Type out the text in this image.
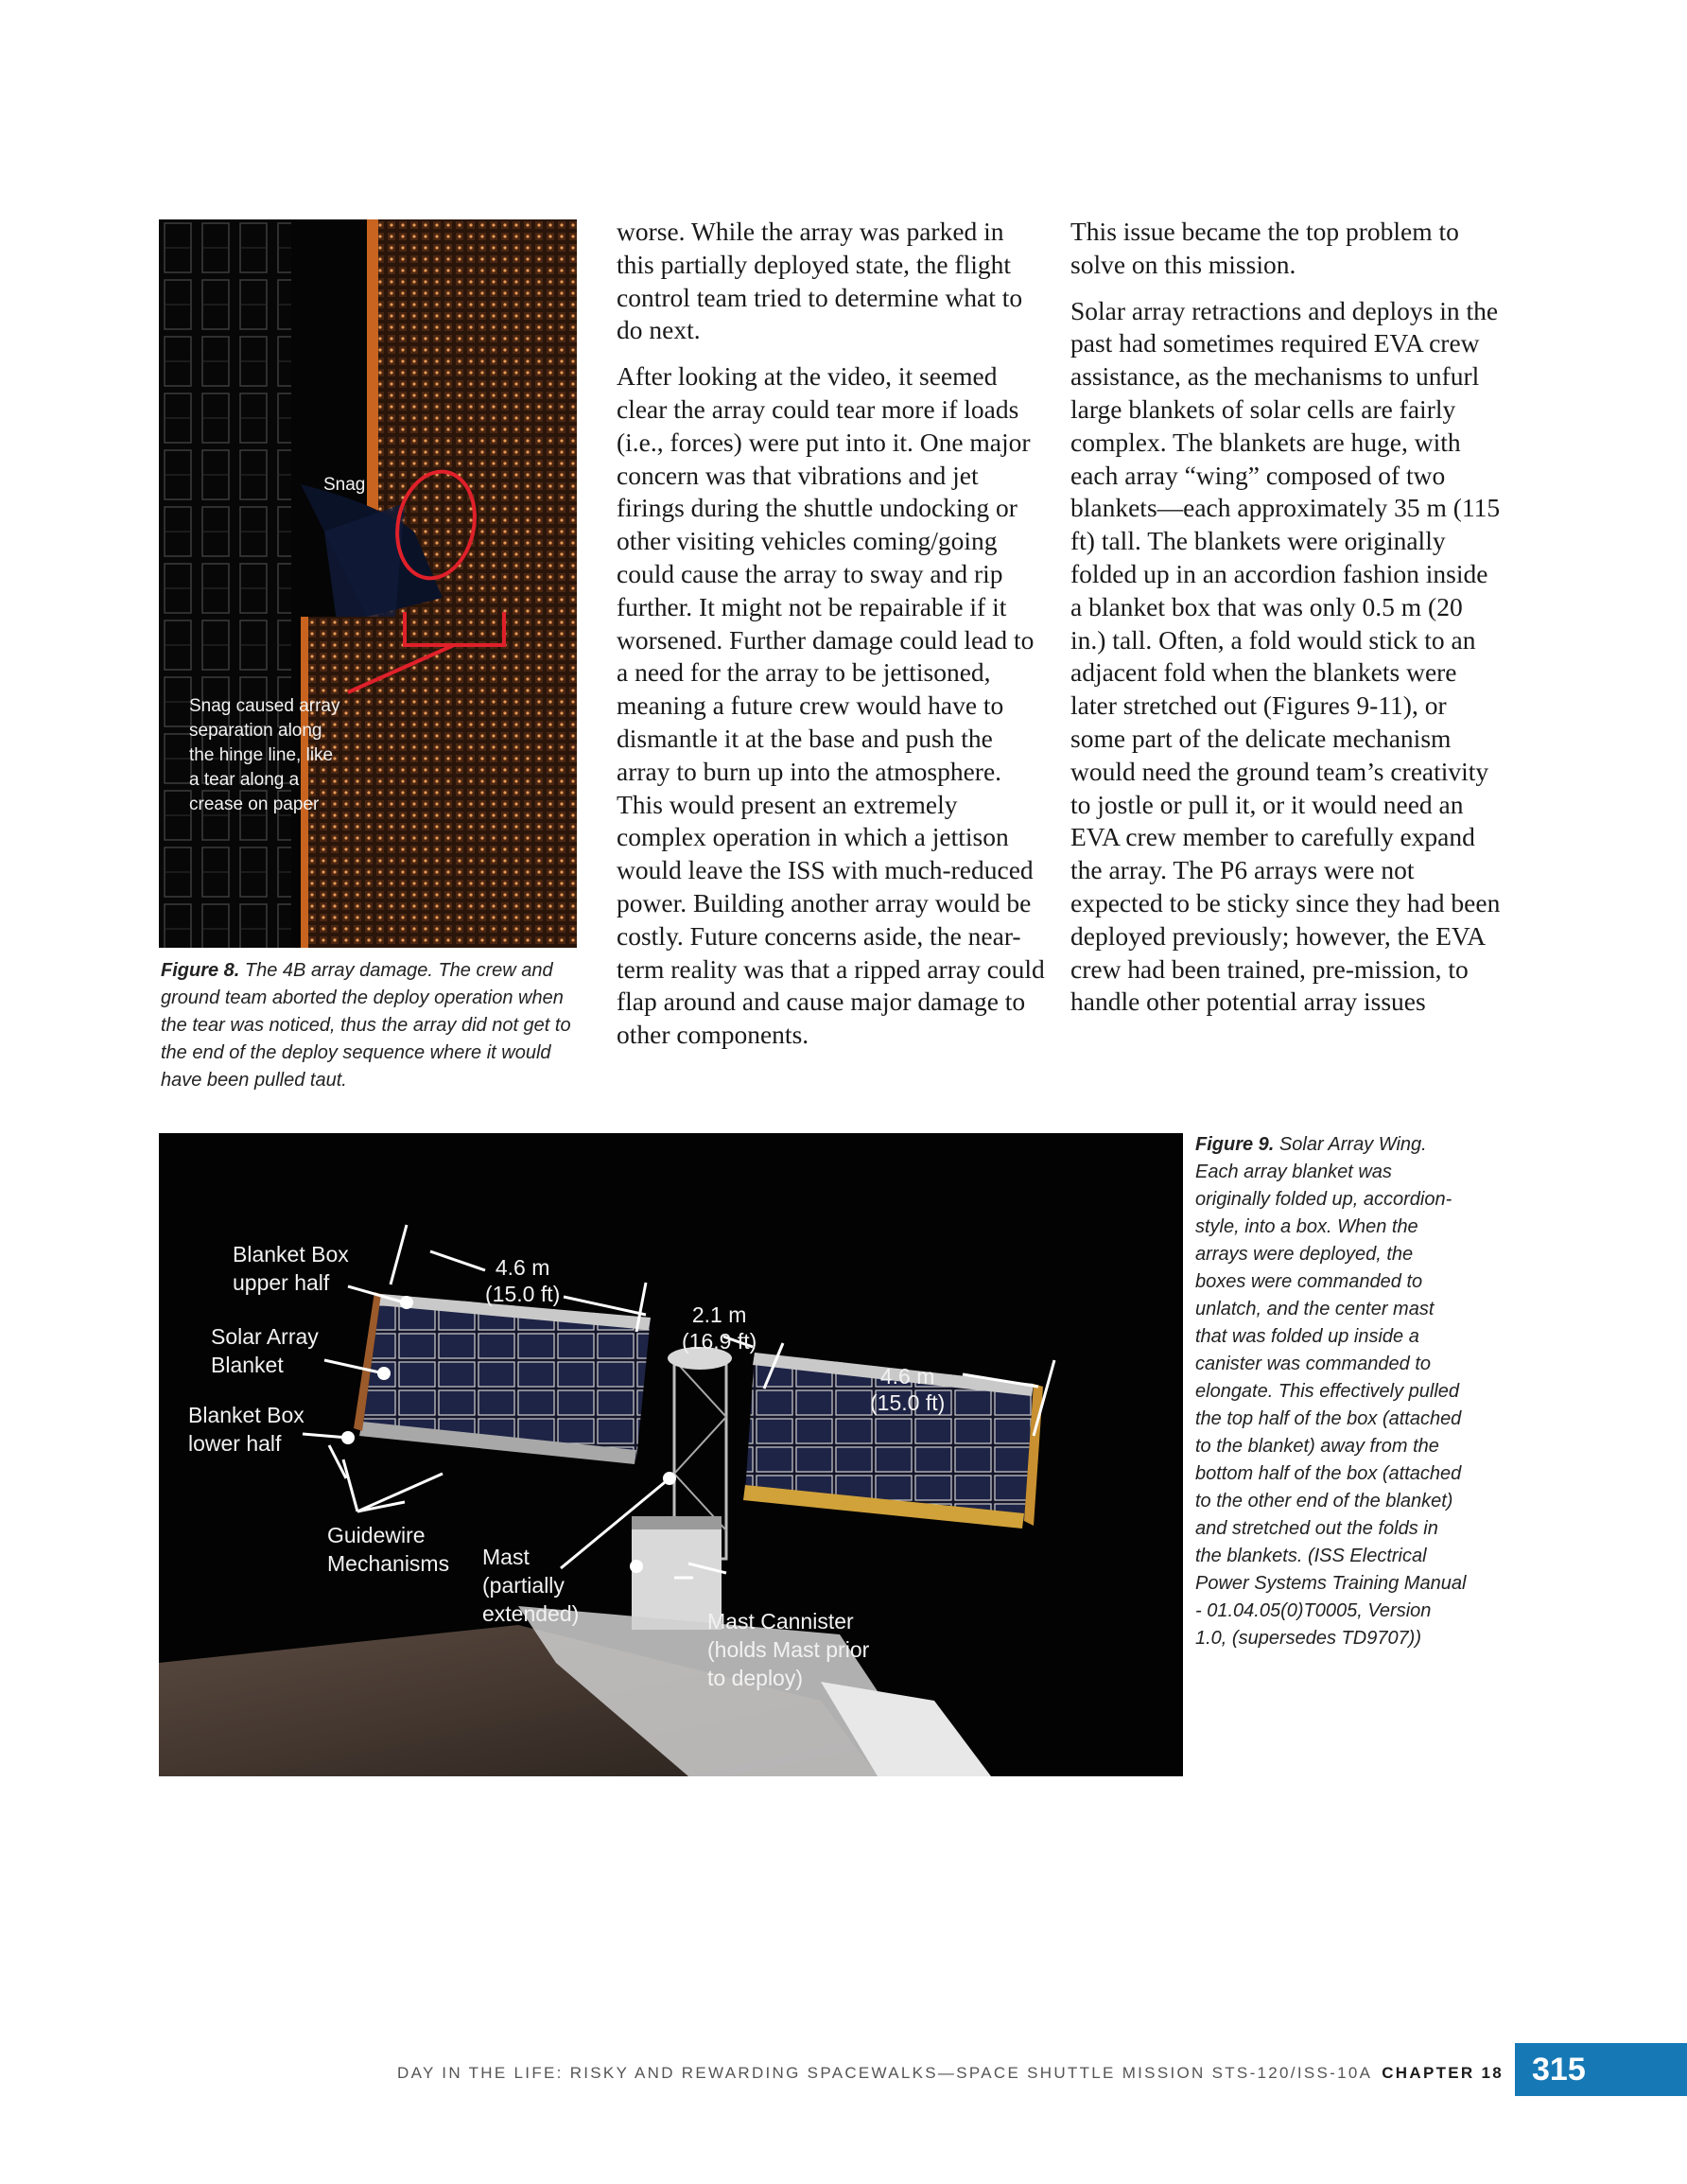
Snag
Snag caused array
separation along
the hinge line, like
a tear along a
crease on paper
Figure 8. The 4B array damage. The crew and ground team aborted the deploy operation when the tear was noticed, thus the array did not get to the end of the deploy sequence where it would have been pulled taut.

worse. While the array was parked in this partially deployed state, the flight control team tried to determine what to do next.

After looking at the video, it seemed clear the array could tear more if loads (i.e., forces) were put into it. One major concern was that vibrations and jet firings during the shuttle undocking or other visiting vehicles coming/going could cause the array to sway and rip further. It might not be repairable if it worsened. Further damage could lead to a need for the array to be jettisoned, meaning a future crew would have to dismantle it at the base and push the array to burn up into the atmosphere. This would present an extremely complex operation in which a jettison would leave the ISS with much-reduced power. Building another array would be costly. Future concerns aside, the near-term reality was that a ripped array could flap around and cause major damage to other components.

This issue became the top problem to solve on this mission.

Solar array retractions and deploys in the past had sometimes required EVA crew assistance, as the mechanisms to unfurl large blankets of solar cells are fairly complex. The blankets are huge, with each array “wing” composed of two blankets—each approximately 35 m (115 ft) tall. The blankets were originally folded up in an accordion fashion inside a blanket box that was only 0.5 m (20 in.) tall. Often, a fold would stick to an adjacent fold when the blankets were later stretched out (Figures 9-11), or some part of the delicate mechanism would need the ground team’s creativity to jostle or pull it, or it would need an EVA crew member to carefully expand the array. The P6 arrays were not expected to be sticky since they had been deployed previously; however, the EVA crew had been trained, pre-mission, to handle other potential array issues

Blanket Box
upper half
Solar Array
Blanket
Blanket Box
lower half
Guidewire
Mechanisms Mast
(partially
extended)	Mast Cannister
(holds Mast prior
to deploy)
4.6 m
(15.0 ft)
2.1 m
(16.9 ft)
4.6 m
(15.0 ft)
Figure 9. Solar Array Wing. Each array blanket was originally folded up, accordion-style, into a box. When the arrays were deployed, the boxes were commanded to unlatch, and the center mast that was folded up inside a canister was commanded to elongate. This effectively pulled the top half of the box (attached to the blanket) away from the bottom half of the box (attached to the other end of the blanket) and stretched out the folds in the blankets. (ISS Electrical Power Systems Training Manual - 01.04.05(0)T0005, Version 1.0, (supersedes TD9707))
DAY IN THE LIFE: RISKY AND REWARDING SPACEWALKS—SPACE SHUTTLE MISSION STS-120/ISS-10A CHAPTER 18 315
